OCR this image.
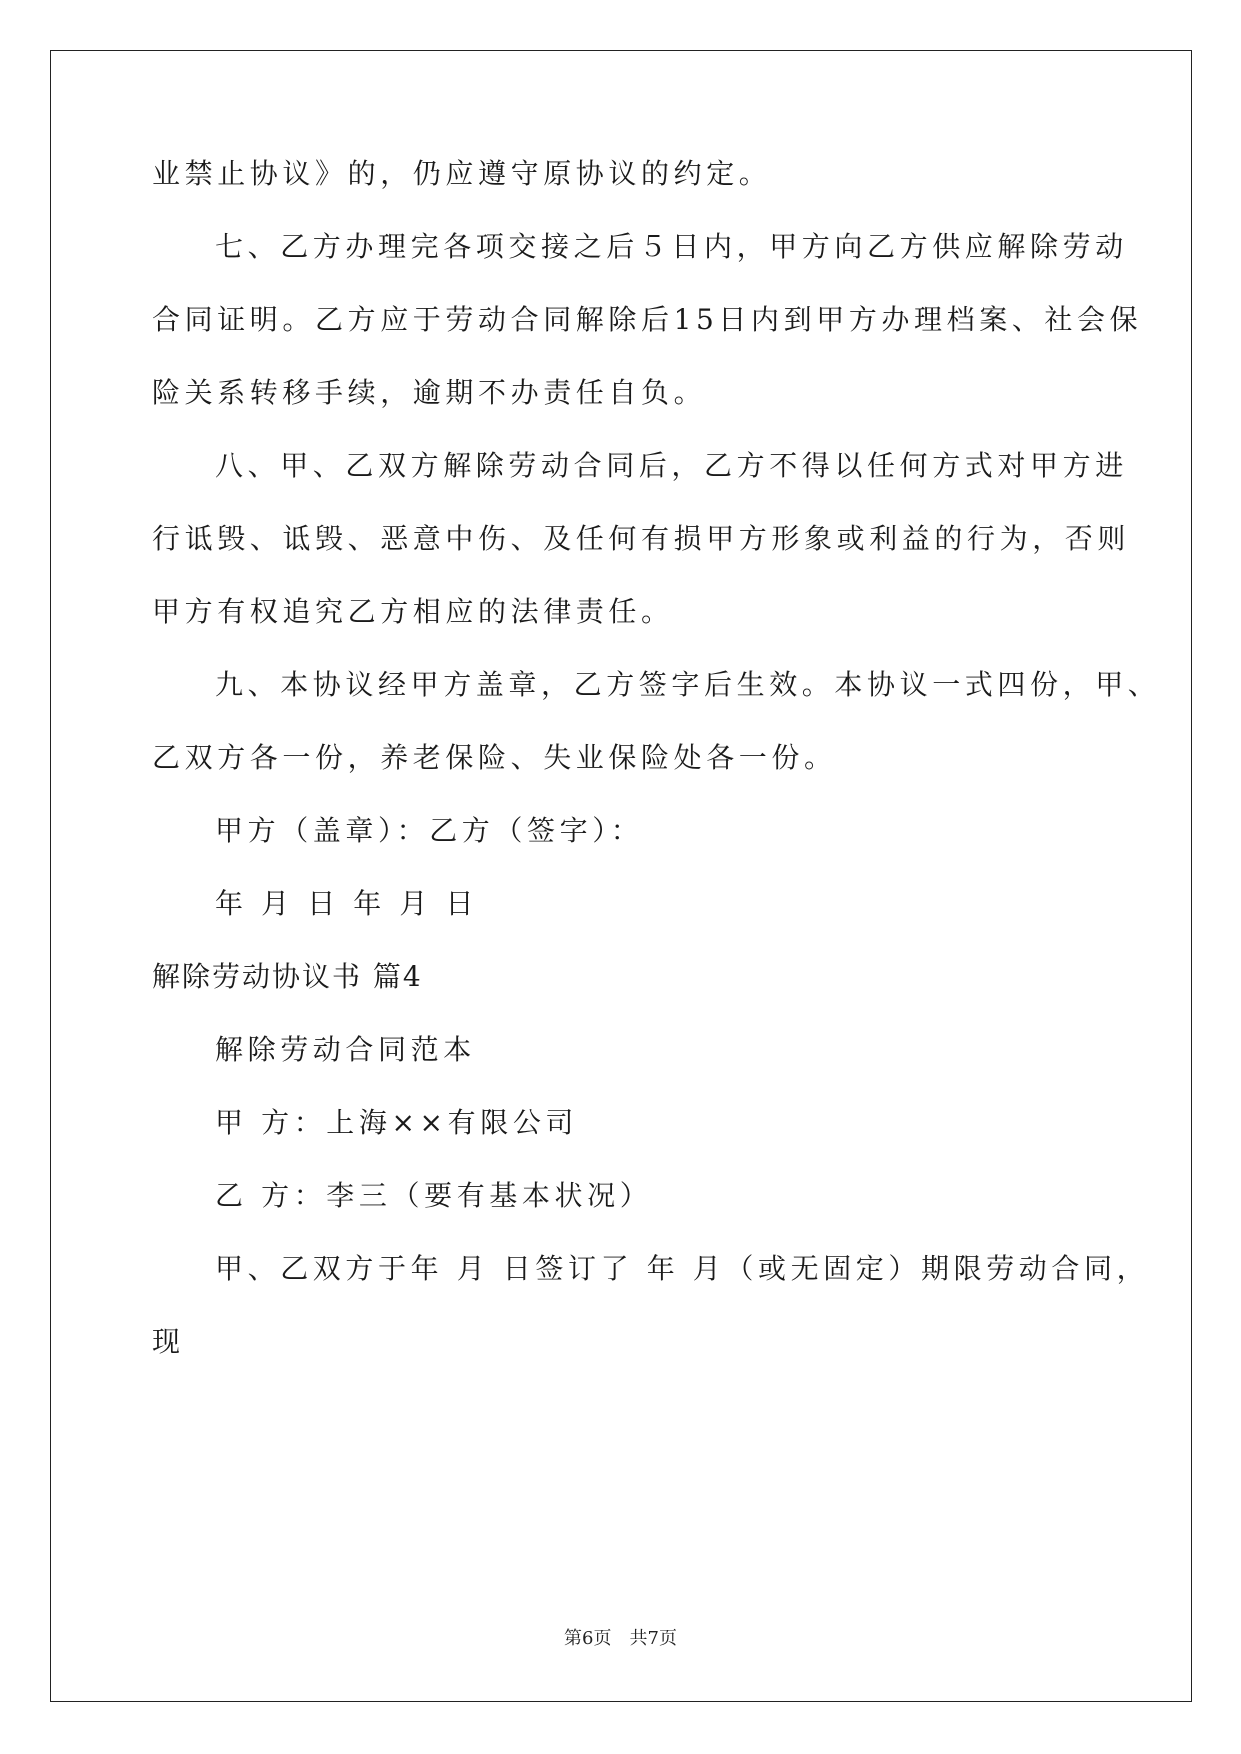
业禁止协议》的，仍应遵守原协议的约定。
七、乙方办理完各项交接之后５日内，甲方向乙方供应解除劳动
合同证明。乙方应于劳动合同解除后15日内到甲方办理档案、社会保
险关系转移手续，逾期不办责任自负。
八、甲、乙双方解除劳动合同后，乙方不得以任何方式对甲方进
行诋毁、诋毁、恶意中伤、及任何有损甲方形象或利益的行为，否则
甲方有权追究乙方相应的法律责任。
九、本协议经甲方盖章，乙方签字后生效。本协议一式四份，甲、
乙双方各一份，养老保险、失业保险处各一份。
甲方（盖章）：乙方（签字）：
年 月 日 年 月 日
解除劳动协议书 篇4
解除劳动合同范本
甲 方：上海××有限公司
乙 方：李三（要有基本状况）
甲、乙双方于年 月 日签订了 年 月（或无固定）期限劳动合同，
现
第6页 共7页
